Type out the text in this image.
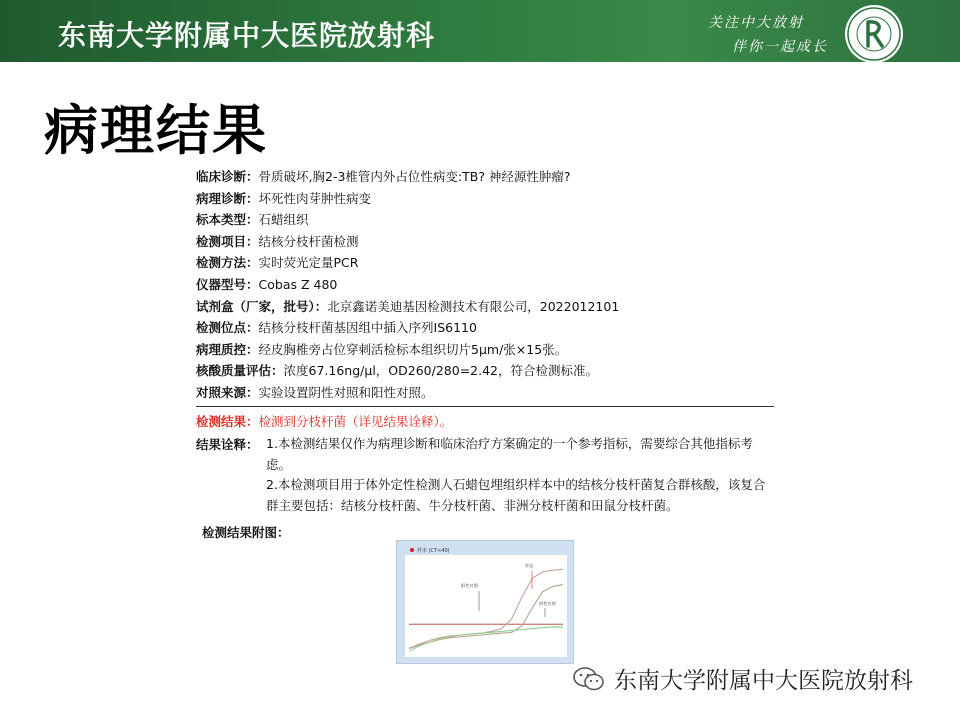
东南大学附属中大医院放射科	关注中大放射
伴你一起成长
病理结果
临床诊断：骨质破坏,胸2-3椎管内外占位性病变:TB? 神经源性肿瘤?
病理诊断：坏死性肉芽肿性病变
标本类型：石蜡组织
检测项目：结核分枝杆菌检测
检测方法：实时荧光定量PCR
仪器型号：Cobas Z 480
试剂盒（厂家，批号）：北京鑫诺美迪基因检测技术有限公司，2022012101
检测位点：结核分枝杆菌基因组中插入序列IS6110
病理质控：经皮胸椎旁占位穿刺活检标本组织切片5μm/张×15张。
核酸质量评估：浓度67.16ng/μl，OD260/280=2.42，符合检测标准。
对照来源：实验设置阴性对照和阳性对照。
检测结果：检测到分枝杆菌（详见结果诠释）。
结果诠释： 1.本检测结果仅作为病理诊断和临床治疗方案确定的一个参考指标，需要综合其他指标考虑。
2.本检测项目用于体外定性检测人石蜡包埋组织样本中的结核分枝杆菌复合群核酸，该复合群主要包括：结核分枝杆菌、牛分枝杆菌、非洲分枝杆菌和田鼠分枝杆菌。
检测结果附图：
样本 (CT<40)
阳性对照
样品
阴性对照
东南大学附属中大医院放射科
